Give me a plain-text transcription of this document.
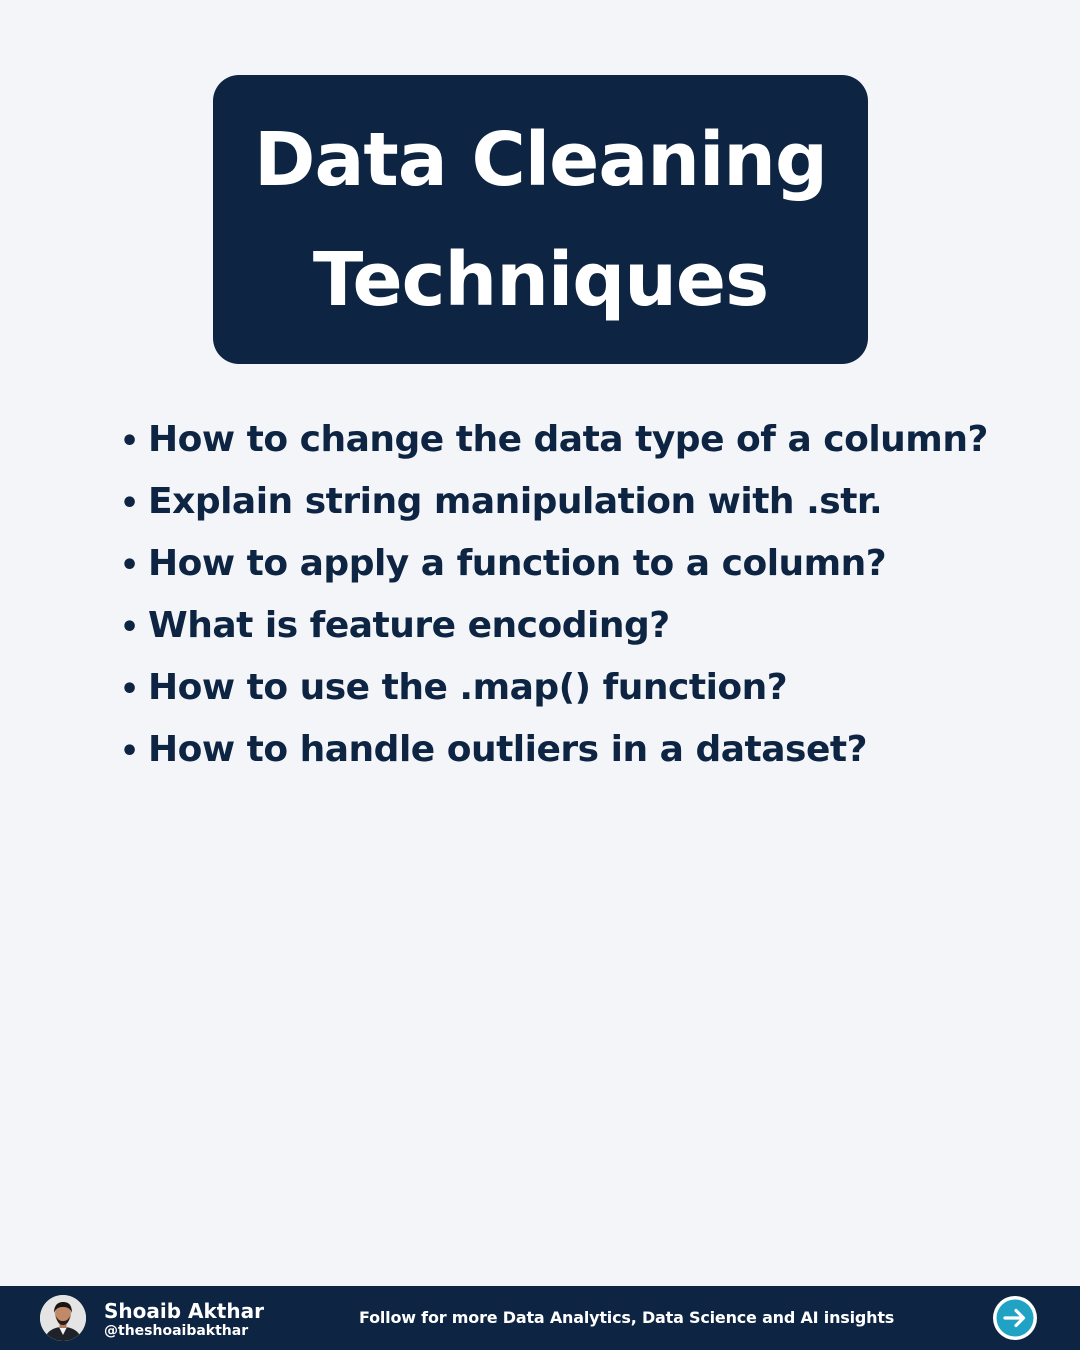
Data Cleaning
Techniques
• How to change the data type of a column?
• Explain string manipulation with .str.
• How to apply a function to a column?
• What is feature encoding?
• How to use the .map() function?
• How to handle outliers in a dataset?
Shoaib Akthar
@theshoaibakthar
Follow for more Data Analytics, Data Science and AI insights
